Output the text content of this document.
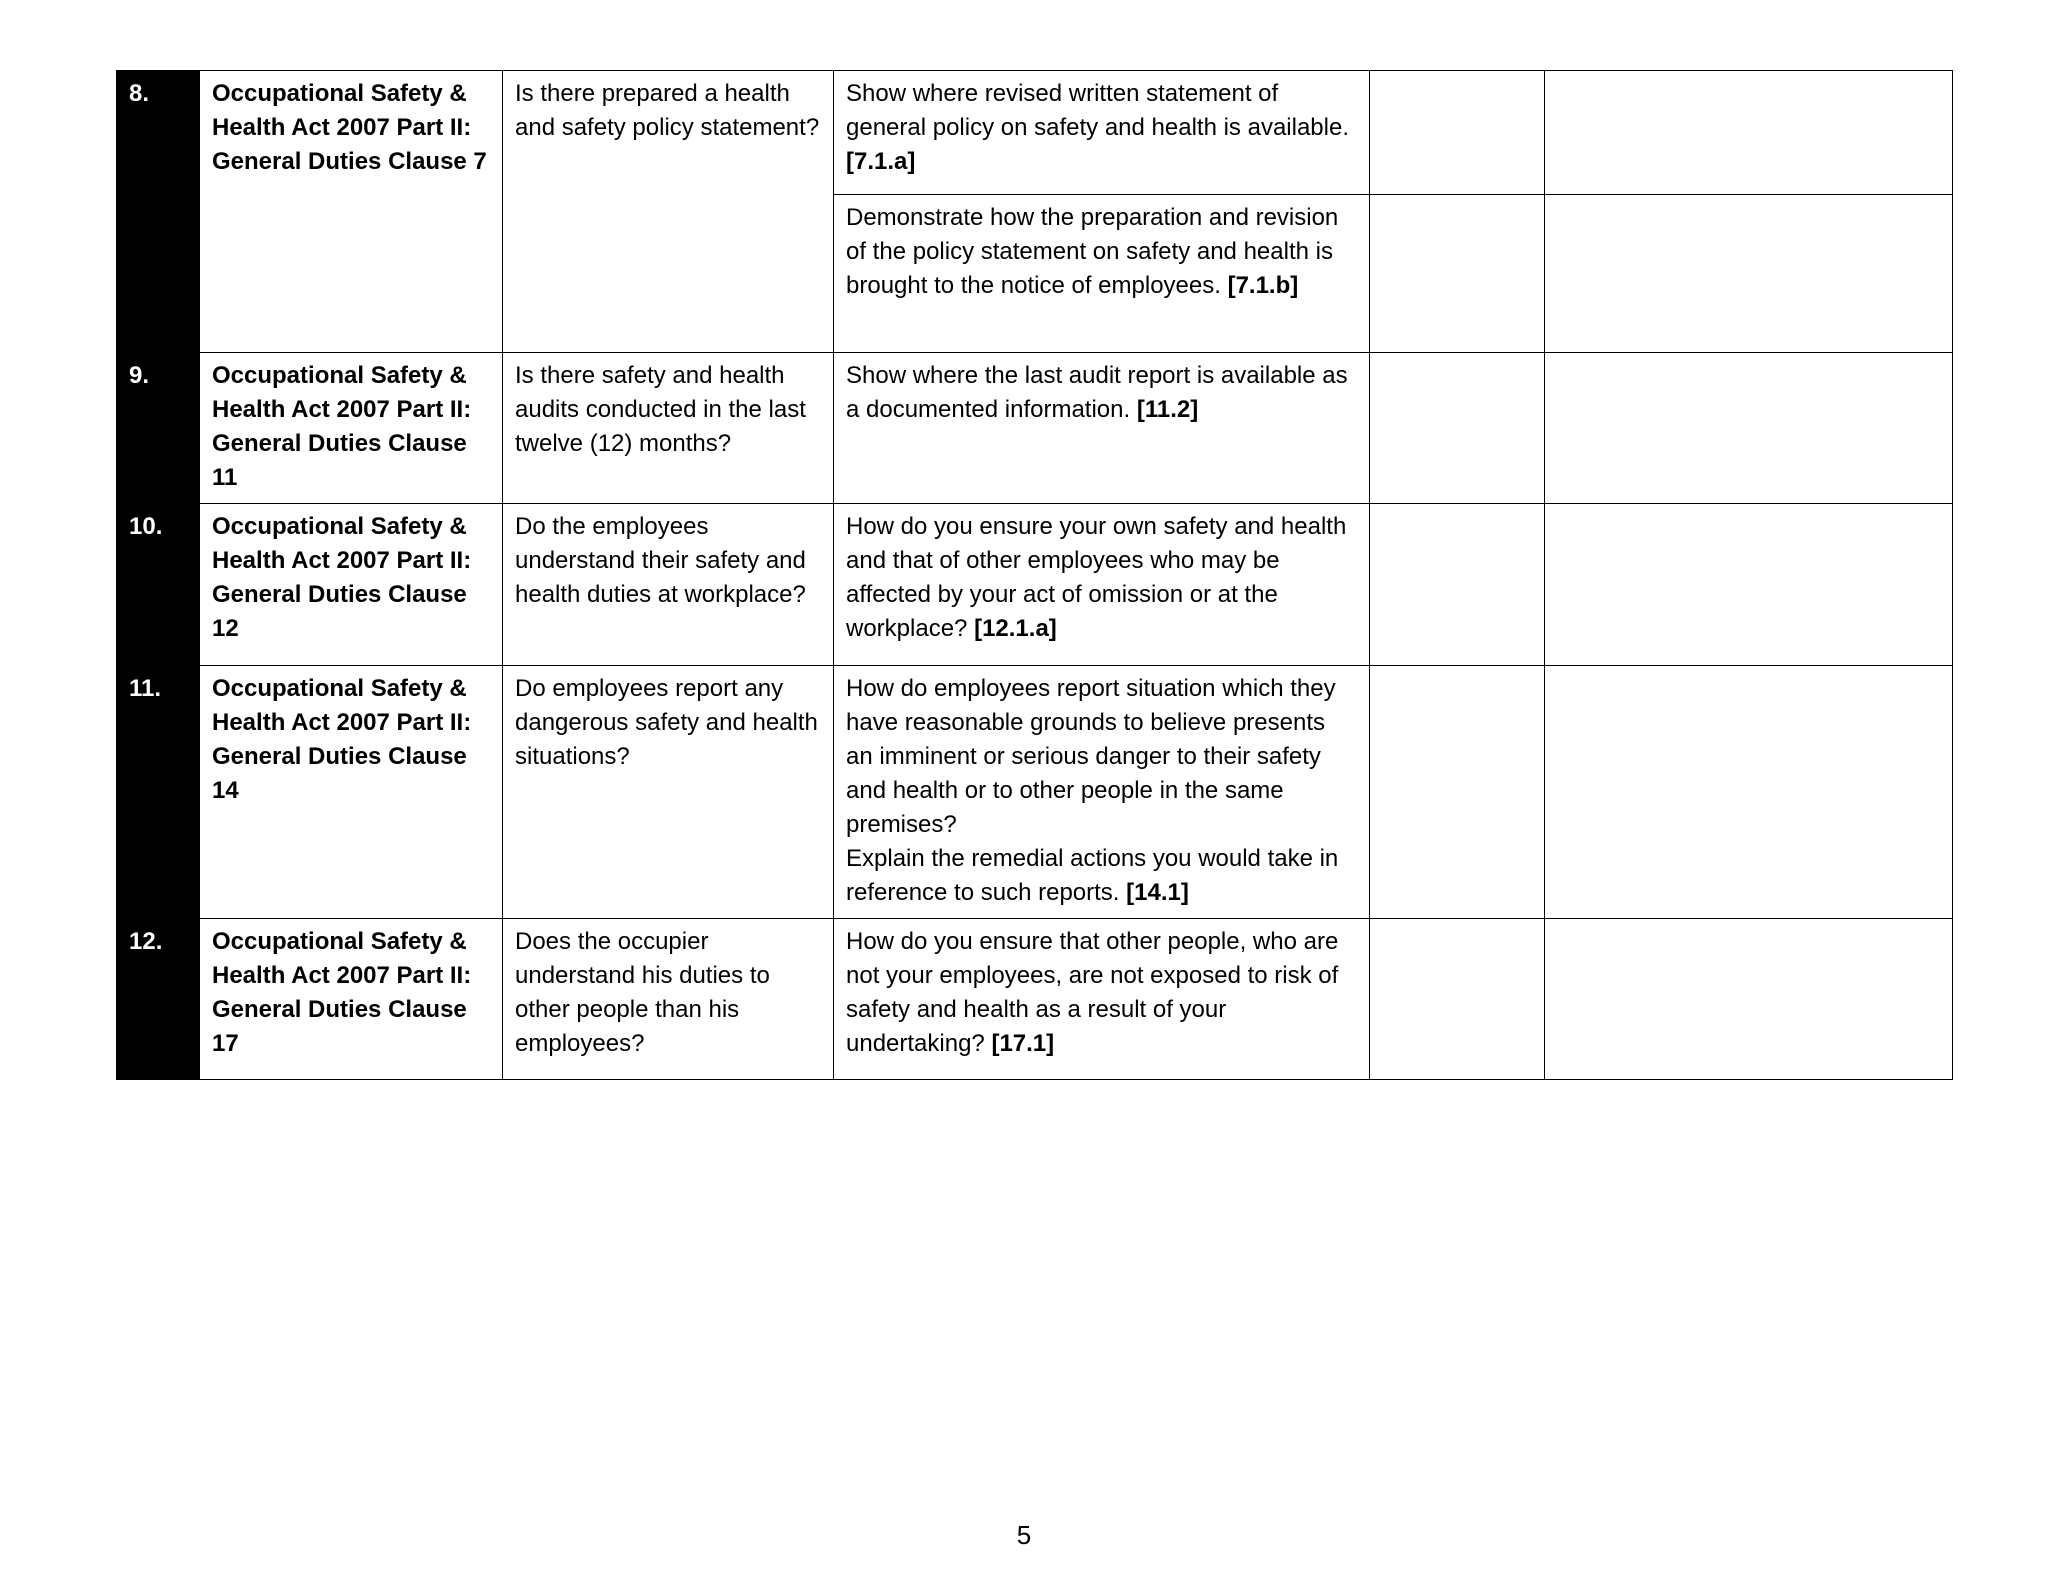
8.	Occupational Safety & Health Act 2007 Part II: General Duties Clause 7	Is there prepared a health and safety policy statement?	Show where revised written statement of general policy on safety and health is available. [7.1.a]		
			Demonstrate how the preparation and revision of the policy statement on safety and health is brought to the notice of employees. [7.1.b]		
9.	Occupational Safety & Health Act 2007 Part II: General Duties Clause 11	Is there safety and health audits conducted in the last twelve (12) months?	Show where the last audit report is available as a documented information. [11.2]		
10.	Occupational Safety & Health Act 2007 Part II: General Duties Clause 12	Do the employees understand their safety and health duties at workplace?	How do you ensure your own safety and health and that of other employees who may be affected by your act of omission or at the workplace? [12.1.a]		
11.	Occupational Safety & Health Act 2007 Part II: General Duties Clause 14	Do employees report any dangerous safety and health situations?	How do employees report situation which they have reasonable grounds to believe presents an imminent or serious danger to their safety and health or to other people in the same premises?
Explain the remedial actions you would take in reference to such reports. [14.1]		
12.	Occupational Safety & Health Act 2007 Part II: General Duties Clause 17	Does the occupier understand his duties to other people than his employees?	How do you ensure that other people, who are not your employees, are not exposed to risk of safety and health as a result of your undertaking? [17.1]		
5
